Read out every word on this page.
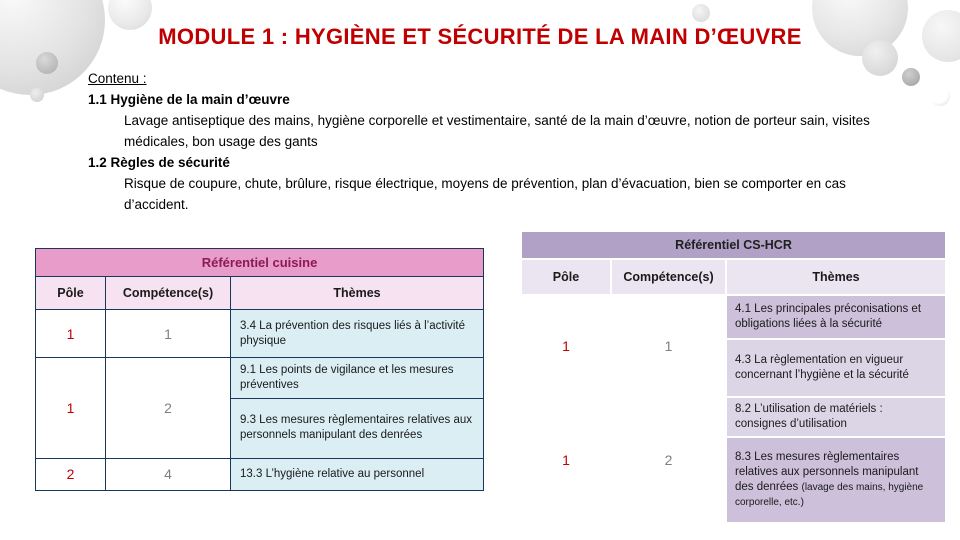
MODULE 1 : HYGIÈNE ET SÉCURITÉ DE LA MAIN D’ŒUVRE
Contenu :
1.1 Hygiène de la main d’œuvre
Lavage antiseptique des mains, hygiène corporelle et vestimentaire, santé de la main d’œuvre, notion de porteur sain, visites médicales, bon usage des gants
1.2 Règles de sécurité
Risque de coupure, chute, brûlure, risque électrique, moyens de prévention, plan d’évacuation, bien se comporter en cas d’accident.
Référentiel cuisine		
Pôle	Compétence(s)	Thèmes
1	1	3.4 La prévention des risques liés à l’activité physique
1	2	9.1 Les points de vigilance et les mesures préventives
		9.3 Les mesures règlementaires relatives aux personnels manipulant des denrées
2	4	13.3 L’hygiène relative au personnel
Référentiel CS-HCR		
Pôle	Compétence(s)	Thèmes
1	1	4.1 Les principales préconisations et obligations liées à la sécurité
		4.3 La règlementation en vigueur concernant l’hygiène et la sécurité
1	2	8.2 L’utilisation de matériels : consignes d’utilisation
		8.3 Les mesures règlementaires relatives aux personnels manipulant des denrées (lavage des mains, hygiène corporelle, etc.)
